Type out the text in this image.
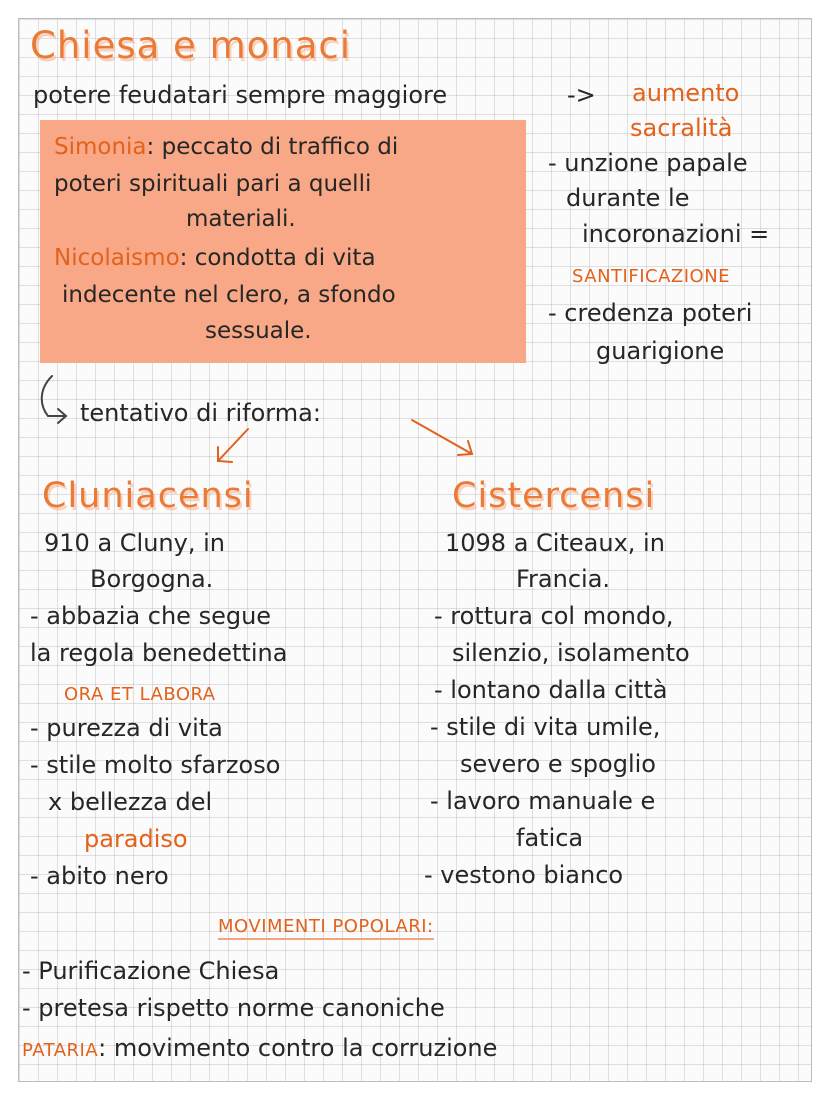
Chiesa e monaci
potere feudatari sempre maggiore	-> aumento
sacralità
Simonia: peccato di traffico di
poteri spirituali pari a quelli
materiali.
Nicolaismo: condotta di vita
indecente nel clero, a sfondo
sessuale.
- unzione papale
durante le
incoronazioni =
SANTIFICAZIONE
- credenza poteri
guarigione
tentativo di riforma:
Cluniacensi
910 a Cluny, in
Borgogna.
- abbazia che segue
la regola benedettina
ORA ET LABORA
- purezza di vita
- stile molto sfarzoso
x bellezza del
paradiso
- abito nero
Cistercensi
1098 a Citeaux, in
Francia.
- rottura col mondo,
silenzio, isolamento
- lontano dalla città
- stile di vita umile,
severo e spoglio
- lavoro manuale e
fatica
- vestono bianco
MOVIMENTI POPOLARI:
- Purificazione Chiesa
- pretesa rispetto norme canoniche
PATARIA: movimento contro la corruzione
